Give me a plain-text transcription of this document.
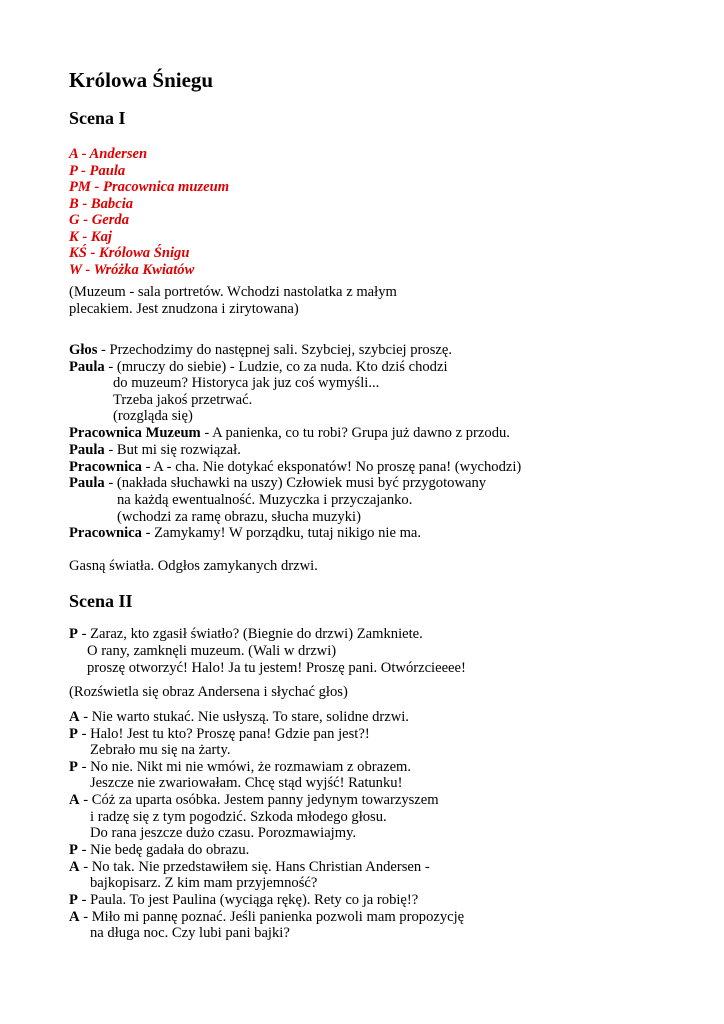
Królowa Śniegu
Scena I
A - Andersen
P - Paula
PM - Pracownica muzeum
B - Babcia
G - Gerda
K - Kaj
KŚ - Królowa Śnigu
W - Wróżka Kwiatów
(Muzeum - sala portretów. Wchodzi nastolatka z małym
plecakiem. Jest znudzona i zirytowana)
Głos - Przechodzimy do następnej sali. Szybciej, szybciej proszę.
Paula - (mruczy do siebie) - Ludzie, co za nuda. Kto dziś chodzi
do muzeum? Historyca jak juz coś wymyśli...
Trzeba jakoś przetrwać.
(rozgląda się)
Pracownica Muzeum - A panienka, co tu robi? Grupa już dawno z przodu.
Paula - But mi się rozwiązał.
Pracownica - A - cha. Nie dotykać eksponatów! No proszę pana! (wychodzi)
Paula - (nakłada słuchawki na uszy) Człowiek musi być przygotowany
na każdą ewentualność. Muzyczka i przyczajanko.
(wchodzi za ramę obrazu, słucha muzyki)
Pracownica - Zamykamy! W porządku, tutaj nikigo nie ma.
Gasną światła. Odgłos zamykanych drzwi.
Scena II
P - Zaraz, kto zgasił światło? (Biegnie do drzwi) Zamkniete.
O rany, zamknęli muzeum. (Wali w drzwi)
proszę otworzyć! Halo! Ja tu jestem! Proszę pani. Otwórzcieeee!
(Rozświetla się obraz Andersena i słychać głos)
A - Nie warto stukać. Nie usłyszą. To stare, solidne drzwi.
P - Halo! Jest tu kto? Proszę pana! Gdzie pan jest?!
Zebrało mu się na żarty.
P - No nie. Nikt mi nie wmówi, że rozmawiam z obrazem.
Jeszcze nie zwariowałam. Chcę stąd wyjść! Ratunku!
A - Cóż za uparta osóbka. Jestem panny jedynym towarzyszem
i radzę się z tym pogodzić. Szkoda młodego głosu.
Do rana jeszcze dużo czasu. Porozmawiajmy.
P - Nie bedę gadała do obrazu.
A - No tak. Nie przedstawiłem się. Hans Christian Andersen -
bajkopisarz. Z kim mam przyjemność?
P - Paula. To jest Paulina (wyciąga rękę). Rety co ja robię!?
A - Miło mi pannę poznać. Jeśli panienka pozwoli mam propozycję
na długa noc. Czy lubi pani bajki?
